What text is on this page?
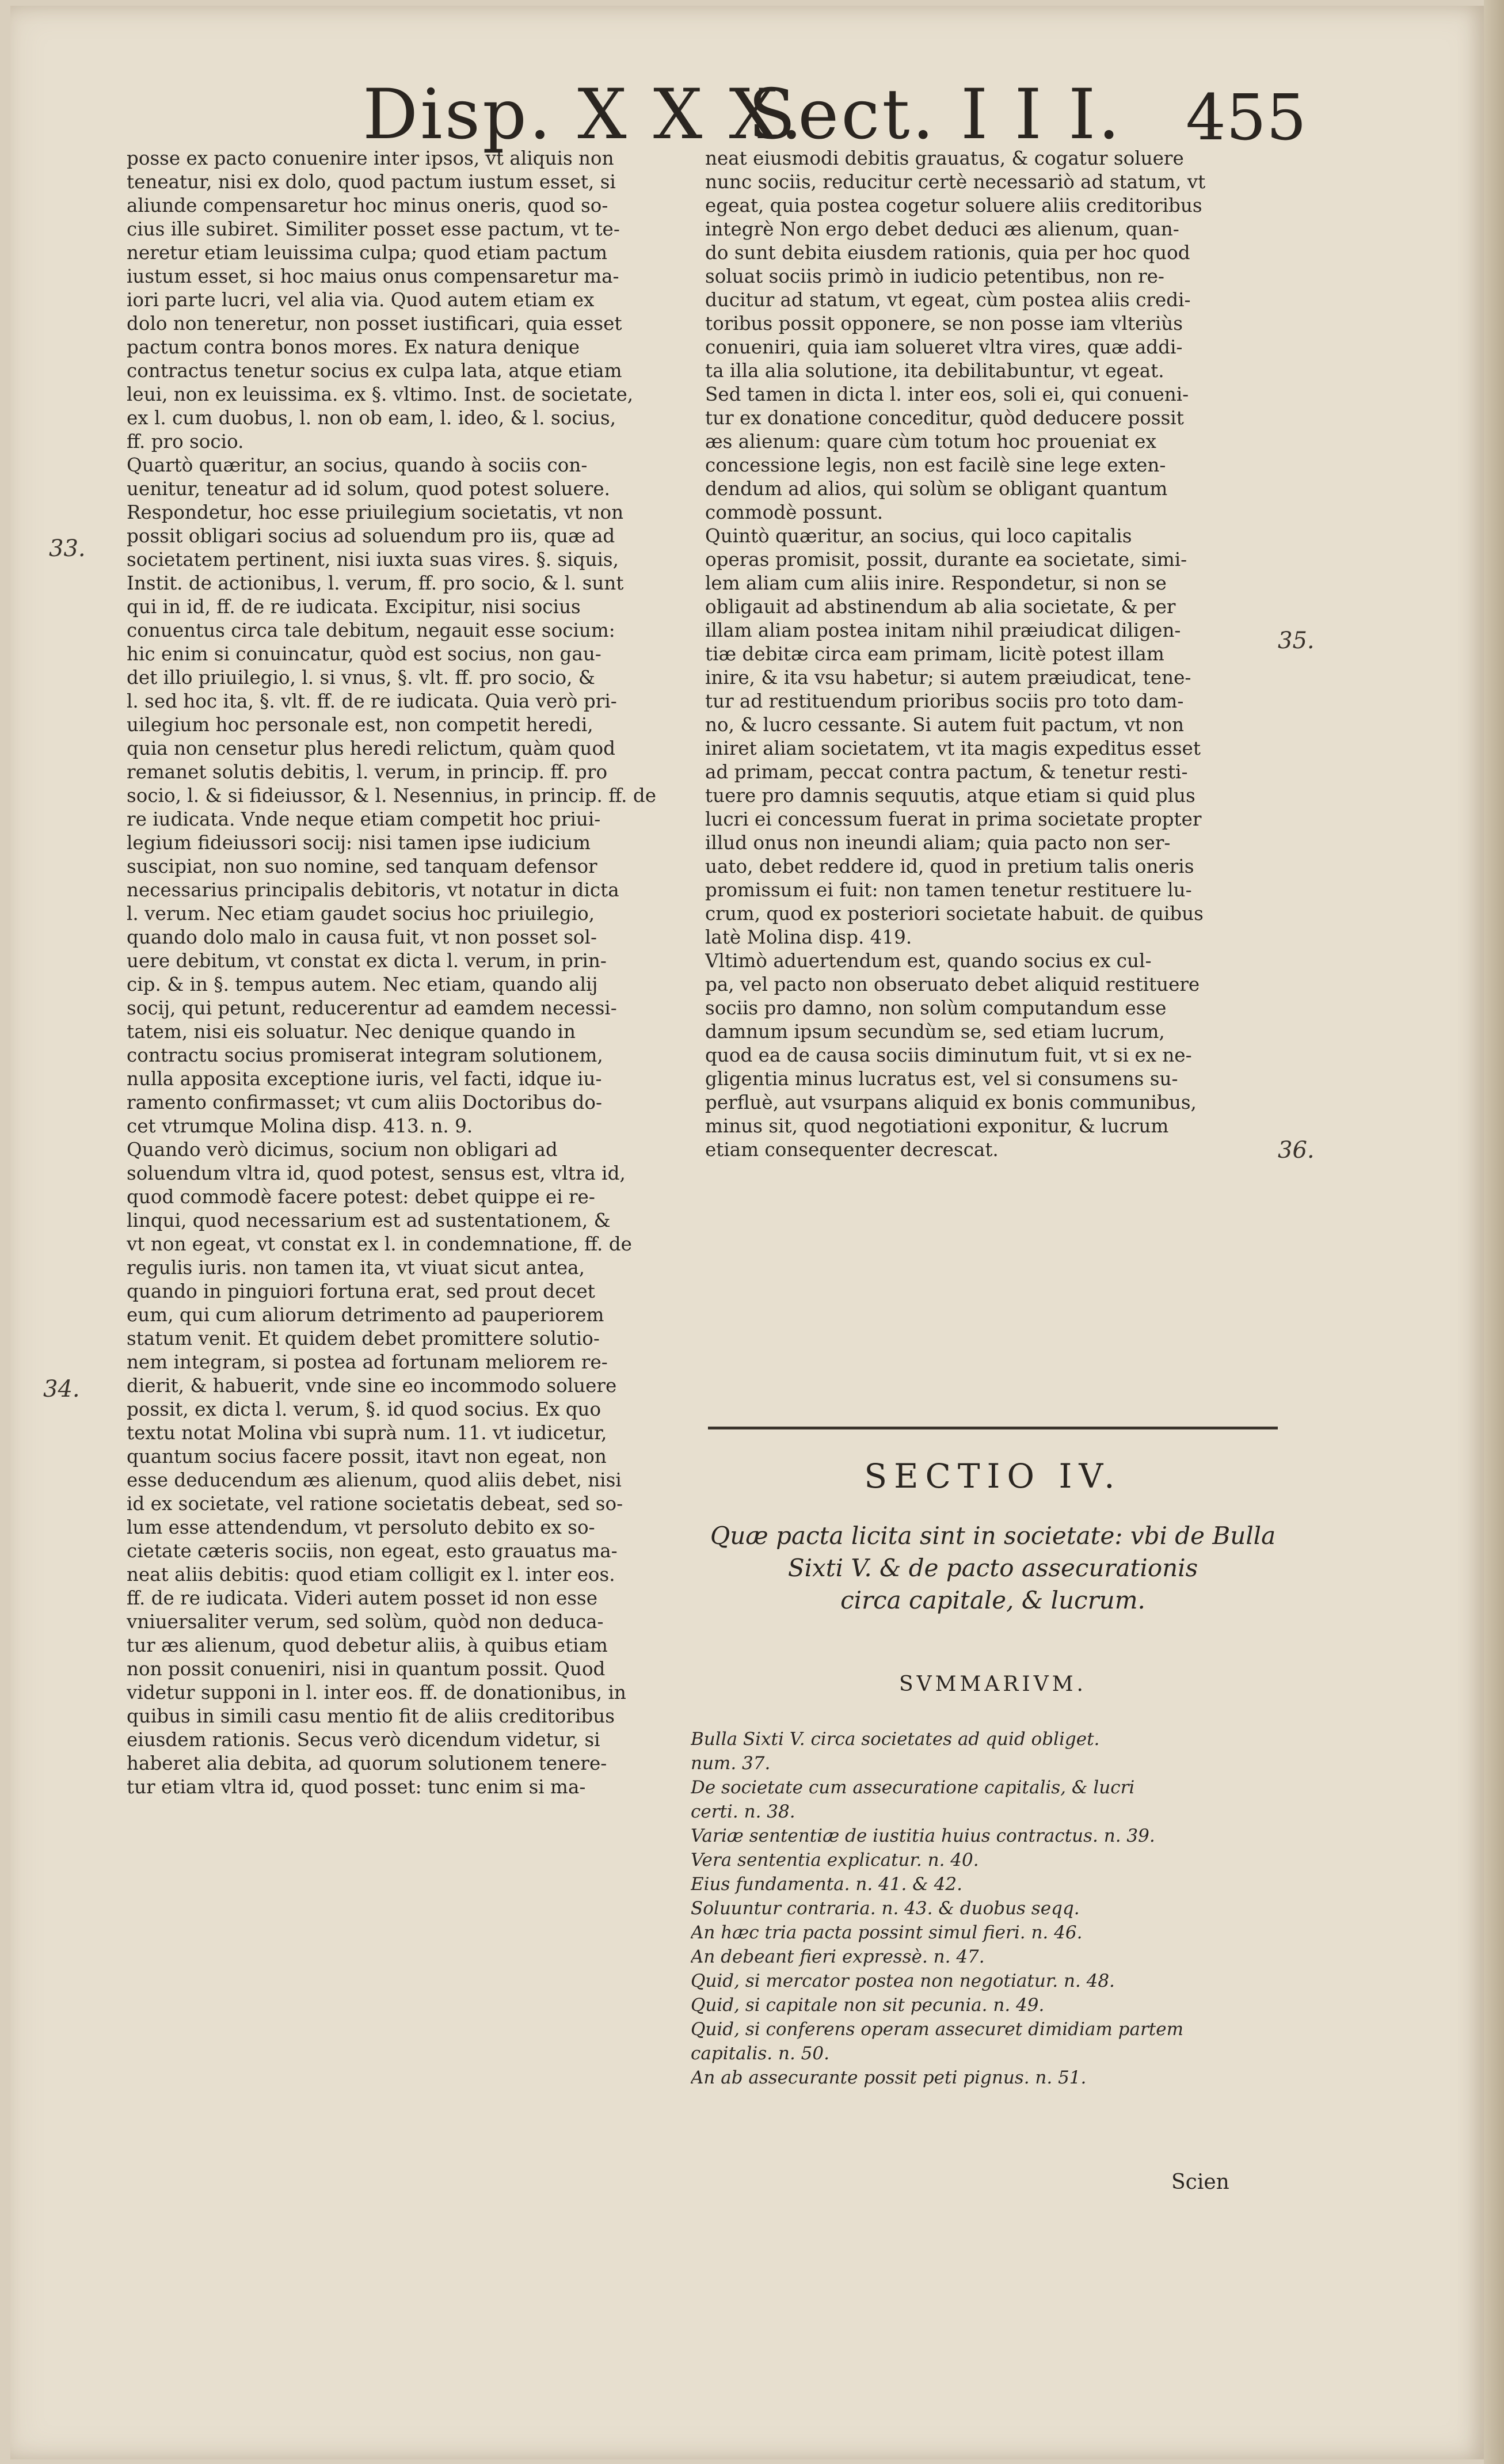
Disp. X X X.
Sect. I I I. 455
33.
34.
35.
36.
posse ex pacto conuenire inter ipsos, vt aliquis non
teneatur, nisi ex dolo, quod pactum iustum esset, si
aliunde compensaretur hoc minus oneris, quod so-
cius ille subiret. Similiter posset esse pactum, vt te-
neretur etiam leuissima culpa; quod etiam pactum
iustum esset, si hoc maius onus compensaretur ma-
iori parte lucri, vel alia via. Quod autem etiam ex
dolo non teneretur, non posset iustificari, quia esset
pactum contra bonos mores. Ex natura denique
contractus tenetur socius ex culpa lata, atque etiam
leui, non ex leuissima. ex §. vltimo. Inst. de societate,
ex l. cum duobus, l. non ob eam, l. ideo, & l. socius,
ff. pro socio.
Quartò quæritur, an socius, quando à sociis con-
uenitur, teneatur ad id solum, quod potest soluere.
Respondetur, hoc esse priuilegium societatis, vt non
possit obligari socius ad soluendum pro iis, quæ ad
societatem pertinent, nisi iuxta suas vires. §. siquis,
Instit. de actionibus, l. verum, ff. pro socio, & l. sunt
qui in id, ff. de re iudicata. Excipitur, nisi socius
conuentus circa tale debitum, negauit esse socium:
hic enim si conuincatur, quòd est socius, non gau-
det illo priuilegio, l. si vnus, §. vlt. ff. pro socio, &
l. sed hoc ita, §. vlt. ff. de re iudicata. Quia verò pri-
uilegium hoc personale est, non competit heredi,
quia non censetur plus heredi relictum, quàm quod
remanet solutis debitis, l. verum, in princip. ff. pro
socio, l. & si fideiussor, & l. Nesennius, in princip. ff. de
re iudicata. Vnde neque etiam competit hoc priui-
legium fideiussori socij: nisi tamen ipse iudicium
suscipiat, non suo nomine, sed tanquam defensor
necessarius principalis debitoris, vt notatur in dicta
l. verum. Nec etiam gaudet socius hoc priuilegio,
quando dolo malo in causa fuit, vt non posset sol-
uere debitum, vt constat ex dicta l. verum, in prin-
cip. & in §. tempus autem. Nec etiam, quando alij
socij, qui petunt, reducerentur ad eamdem necessi-
tatem, nisi eis soluatur. Nec denique quando in
contractu socius promiserat integram solutionem,
nulla apposita exceptione iuris, vel facti, idque iu-
ramento confirmasset; vt cum aliis Doctoribus do-
cet vtrumque Molina disp. 413. n. 9.
Quando verò dicimus, socium non obligari ad
soluendum vltra id, quod potest, sensus est, vltra id,
quod commodè facere potest: debet quippe ei re-
linqui, quod necessarium est ad sustentationem, &
vt non egeat, vt constat ex l. in condemnatione, ff. de
regulis iuris. non tamen ita, vt viuat sicut antea,
quando in pinguiori fortuna erat, sed prout decet
eum, qui cum aliorum detrimento ad pauperiorem
statum venit. Et quidem debet promittere solutio-
nem integram, si postea ad fortunam meliorem re-
dierit, & habuerit, vnde sine eo incommodo soluere
possit, ex dicta l. verum, §. id quod socius. Ex quo
textu notat Molina vbi suprà num. 11. vt iudicetur,
quantum socius facere possit, itavt non egeat, non
esse deducendum æs alienum, quod aliis debet, nisi
id ex societate, vel ratione societatis debeat, sed so-
lum esse attendendum, vt persoluto debito ex so-
cietate cæteris sociis, non egeat, esto grauatus ma-
neat aliis debitis: quod etiam colligit ex l. inter eos.
ff. de re iudicata. Videri autem posset id non esse
vniuersaliter verum, sed solùm, quòd non deduca-
tur æs alienum, quod debetur aliis, à quibus etiam
non possit conueniri, nisi in quantum possit. Quod
videtur supponi in l. inter eos. ff. de donationibus, in
quibus in simili casu mentio fit de aliis creditoribus
eiusdem rationis. Secus verò dicendum videtur, si
haberet alia debita, ad quorum solutionem tenere-
tur etiam vltra id, quod posset: tunc enim si ma-
neat eiusmodi debitis grauatus, & cogatur soluere
nunc sociis, reducitur certè necessariò ad statum, vt
egeat, quia postea cogetur soluere aliis creditoribus
integrè Non ergo debet deduci æs alienum, quan-
do sunt debita eiusdem rationis, quia per hoc quod
soluat sociis primò in iudicio petentibus, non re-
ducitur ad statum, vt egeat, cùm postea aliis credi-
toribus possit opponere, se non posse iam vlteriùs
conueniri, quia iam solueret vltra vires, quæ addi-
ta illa alia solutione, ita debilitabuntur, vt egeat.
Sed tamen in dicta l. inter eos, soli ei, qui conueni-
tur ex donatione conceditur, quòd deducere possit
æs alienum: quare cùm totum hoc proueniat ex
concessione legis, non est facilè sine lege exten-
dendum ad alios, qui solùm se obligant quantum
commodè possunt.
Quintò quæritur, an socius, qui loco capitalis
operas promisit, possit, durante ea societate, simi-
lem aliam cum aliis inire. Respondetur, si non se
obligauit ad abstinendum ab alia societate, & per
illam aliam postea initam nihil præiudicat diligen-
tiæ debitæ circa eam primam, licitè potest illam
inire, & ita vsu habetur; si autem præiudicat, tene-
tur ad restituendum prioribus sociis pro toto dam-
no, & lucro cessante. Si autem fuit pactum, vt non
iniret aliam societatem, vt ita magis expeditus esset
ad primam, peccat contra pactum, & tenetur resti-
tuere pro damnis sequutis, atque etiam si quid plus
lucri ei concessum fuerat in prima societate propter
illud onus non ineundi aliam; quia pacto non ser-
uato, debet reddere id, quod in pretium talis oneris
promissum ei fuit: non tamen tenetur restituere lu-
crum, quod ex posteriori societate habuit. de quibus
latè Molina disp. 419.
Vltimò aduertendum est, quando socius ex cul-
pa, vel pacto non obseruato debet aliquid restituere
sociis pro damno, non solùm computandum esse
damnum ipsum secundùm se, sed etiam lucrum,
quod ea de causa sociis diminutum fuit, vt si ex ne-
gligentia minus lucratus est, vel si consumens su-
perfluè, aut vsurpans aliquid ex bonis communibus,
minus sit, quod negotiationi exponitur, & lucrum
etiam consequenter decrescat.
SECTIO IV.
Quæ pacta licita sint in societate: vbi de Bulla
Sixti V. & de pacto assecurationis
circa capitale, & lucrum.
SVMMARIVM.
Bulla Sixti V. circa societates ad quid obliget.
num. 37.
De societate cum assecuratione capitalis, & lucri
certi. n. 38.
Variæ sententiæ de iustitia huius contractus. n. 39.
Vera sententia explicatur. n. 40.
Eius fundamenta. n. 41. & 42.
Soluuntur contraria. n. 43. & duobus seqq.
An hæc tria pacta possint simul fieri. n. 46.
An debeant fieri expressè. n. 47.
Quid, si mercator postea non negotiatur. n. 48.
Quid, si capitale non sit pecunia. n. 49.
Quid, si conferens operam assecuret dimidiam partem
capitalis. n. 50.
An ab assecurante possit peti pignus. n. 51.
Scien
